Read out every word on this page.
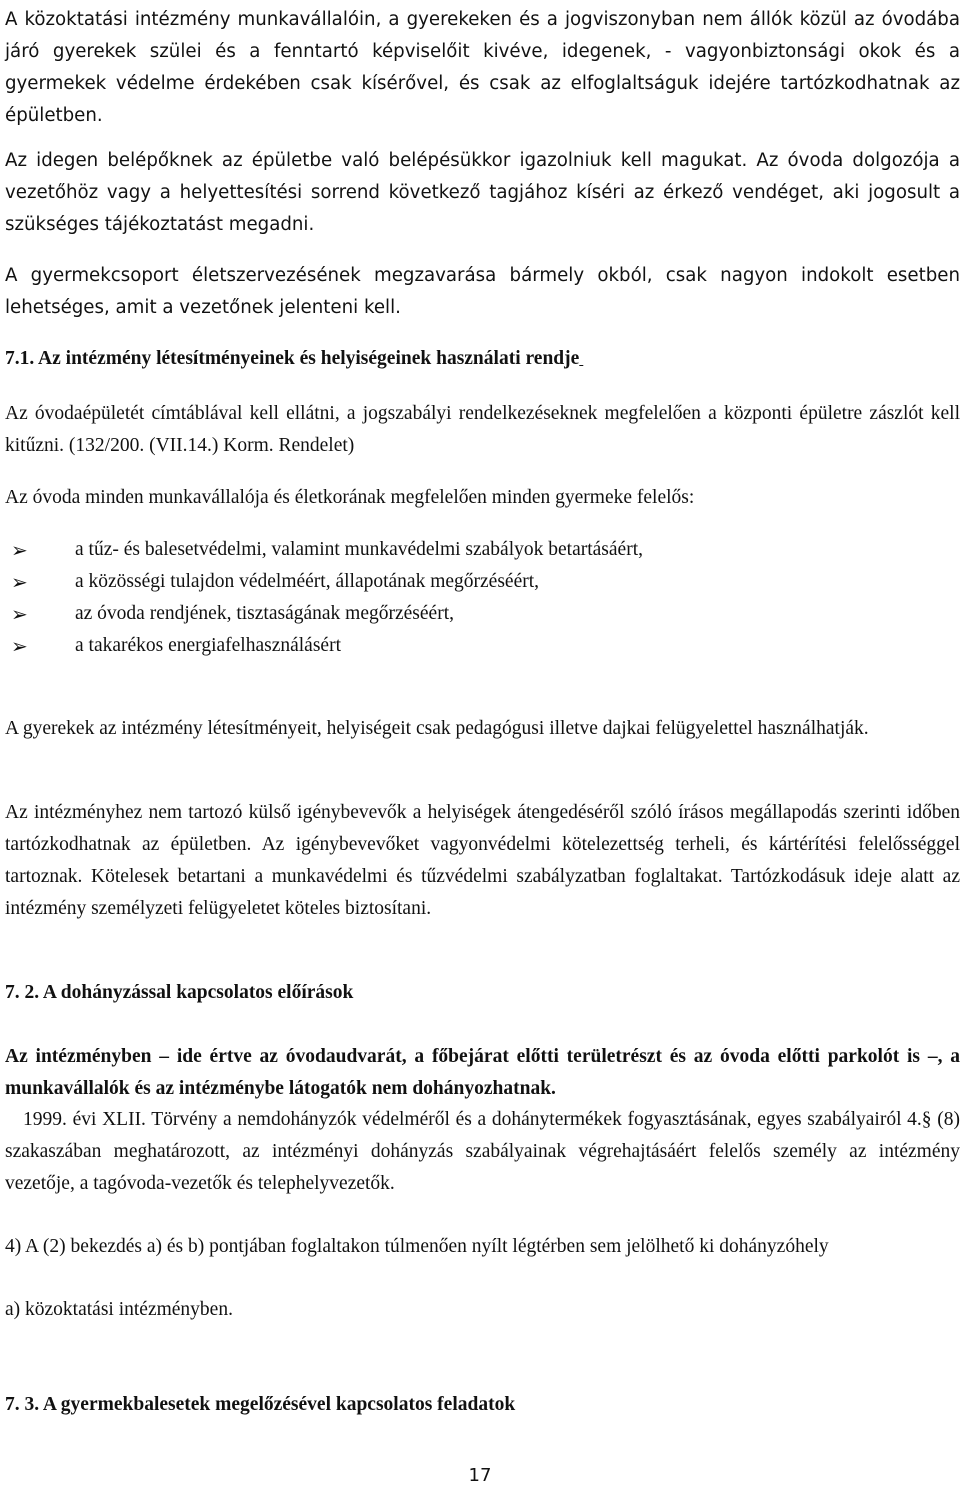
A közoktatási intézmény munkavállalóin, a gyerekeken és a jogviszonyban nem állók közül az óvodába járó gyerekek szülei és a fenntartó képviselőit kivéve, idegenek, - vagyonbiztonsági okok és a gyermekek védelme érdekében csak kísérővel, és csak az elfoglaltságuk idejére tartózkodhatnak az épületben.

Az idegen belépőknek az épületbe való belépésükkor igazolniuk kell magukat. Az óvoda dolgozója a vezetőhöz vagy a helyettesítési sorrend következő tagjához kíséri az érkező vendéget, aki jogosult a szükséges tájékoztatást megadni.

A gyermekcsoport életszervezésének megzavarása bármely okból, csak nagyon indokolt esetben lehetséges, amit a vezetőnek jelenteni kell.

7.1. Az intézmény létesítményeinek és helyiségeinek használati rendje

Az óvodaépületét címtáblával kell ellátni, a jogszabályi rendelkezéseknek megfelelően a központi épületre zászlót kell kitűzni. (132/200. (VII.14.) Korm. Rendelet)

Az óvoda minden munkavállalója és életkorának megfelelően minden gyermeke felelős:

➢ a tűz- és balesetvédelmi, valamint munkavédelmi szabályok betartásáért,
➢ a közösségi tulajdon védelméért, állapotának megőrzéséért,
➢ az óvoda rendjének, tisztaságának megőrzéséért,
➢ a takarékos energiafelhasználásért

A gyerekek az intézmény létesítményeit, helyiségeit csak pedagógusi illetve dajkai felügyelettel használhatják.

Az intézményhez nem tartozó külső igénybevevők a helyiségek átengedéséről szóló írásos megállapodás szerinti időben tartózkodhatnak az épületben. Az igénybevevőket vagyonvédelmi kötelezettség terheli, és kártérítési felelősséggel tartoznak. Kötelesek betartani a munkavédelmi és tűzvédelmi szabályzatban foglaltakat. Tartózkodásuk ideje alatt az intézmény személyzeti felügyeletet köteles biztosítani.

7. 2. A dohányzással kapcsolatos előírások

Az intézményben – ide értve az óvodaudvarát, a főbejárat előtti területrészt és az óvoda előtti parkolót is –, a munkavállalók és az intézménybe látogatók nem dohányozhatnak.

1999. évi XLII. Törvény a nemdohányzók védelméről és a dohánytermékek fogyasztásának, egyes szabályairól 4.§ (8) szakaszában meghatározott, az intézményi dohányzás szabályainak végrehajtásáért felelős személy az intézmény vezetője, a tagóvoda-vezetők és telephelyvezetők.

4) A (2) bekezdés a) és b) pontjában foglaltakon túlmenően nyílt légtérben sem jelölhető ki dohányzóhely

a) közoktatási intézményben.

7. 3. A gyermekbalesetek megelőzésével kapcsolatos feladatok

17
